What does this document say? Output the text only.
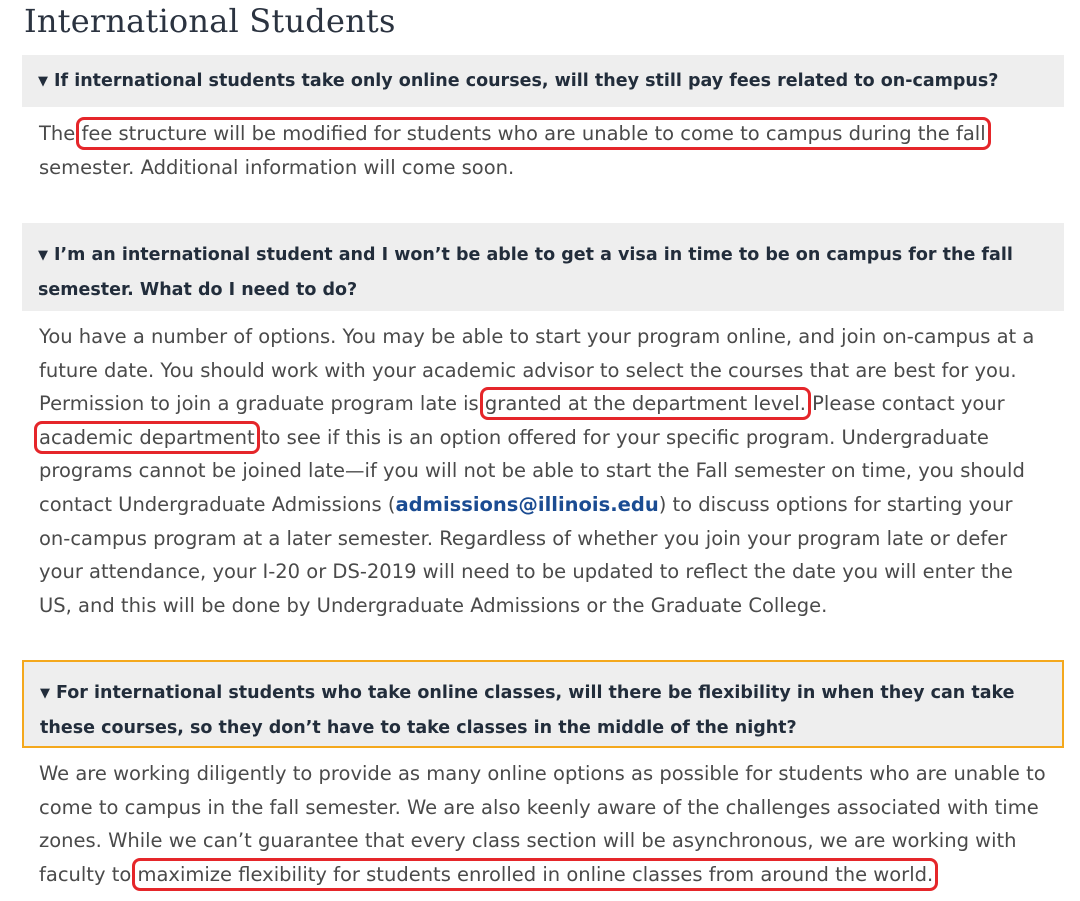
International Students
▼ If international students take only online courses, will they still pay fees related to on-campus?

The fee structure will be modified for students who are unable to come to campus during the fall semester. Additional information will come soon.

▼ I’m an international student and I won’t be able to get a visa in time to be on campus for the fall semester. What do I need to do?

You have a number of options. You may be able to start your program online, and join on-campus at a future date. You should work with your academic advisor to select the courses that are best for you. Permission to join a graduate program late is granted at the department level. Please contact your academic department to see if this is an option offered for your specific program. Undergraduate programs cannot be joined late—if you will not be able to start the Fall semester on time, you should contact Undergraduate Admissions (admissions@illinois.edu) to discuss options for starting your on-campus program at a later semester. Regardless of whether you join your program late or defer your attendance, your I-20 or DS-2019 will need to be updated to reflect the date you will enter the US, and this will be done by Undergraduate Admissions or the Graduate College.

▼ For international students who take online classes, will there be flexibility in when they can take these courses, so they don’t have to take classes in the middle of the night?

We are working diligently to provide as many online options as possible for students who are unable to come to campus in the fall semester. We are also keenly aware of the challenges associated with time zones. While we can’t guarantee that every class section will be asynchronous, we are working with faculty to maximize flexibility for students enrolled in online classes from around the world.
